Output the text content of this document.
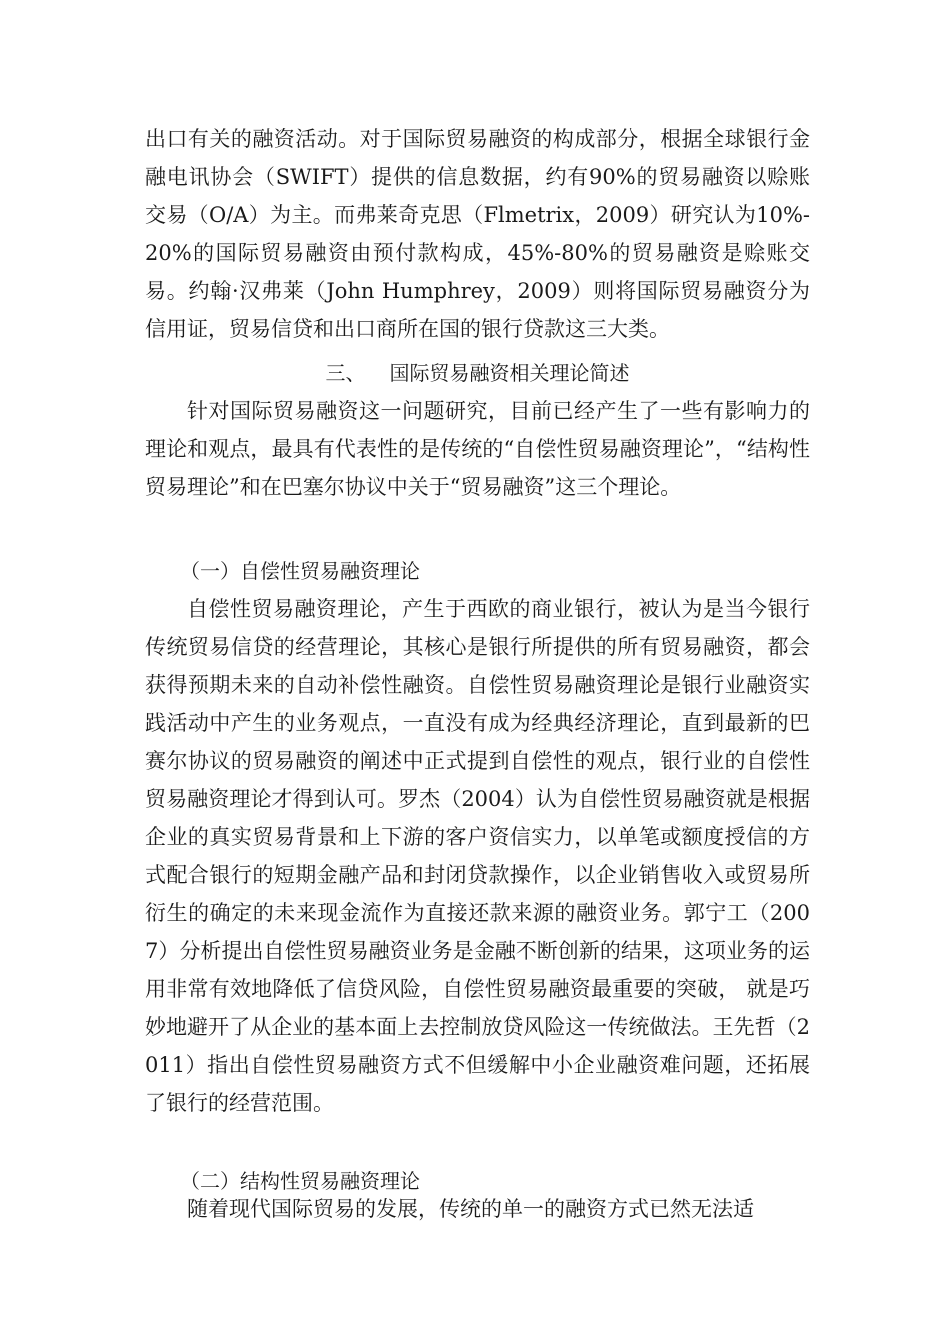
出口有关的融资活动。对于国际贸易融资的构成部分，根据全球银行金融电讯协会（SWIFT）提供的信息数据，约有90%的贸易融资以赊账交易（O/A）为主。而弗莱奇克思（Flmetrix，2009）研究认为10%-20%的国际贸易融资由预付款构成，45%-80%的贸易融资是赊账交易。约翰·汉弗莱（John Humphrey，2009）则将国际贸易融资分为信用证，贸易信贷和出口商所在国的银行贷款这三大类。
三、 国际贸易融资相关理论简述
针对国际贸易融资这一问题研究，目前已经产生了一些有影响力的理论和观点，最具有代表性的是传统的“自偿性贸易融资理论”，“结构性贸易理论”和在巴塞尔协议中关于“贸易融资”这三个理论。
（一）自偿性贸易融资理论
自偿性贸易融资理论，产生于西欧的商业银行，被认为是当今银行传统贸易信贷的经营理论，其核心是银行所提供的所有贸易融资，都会获得预期未来的自动补偿性融资。自偿性贸易融资理论是银行业融资实践活动中产生的业务观点，一直没有成为经典经济理论，直到最新的巴赛尔协议的贸易融资的阐述中正式提到自偿性的观点，银行业的自偿性贸易融资理论才得到认可。罗杰（2004）认为自偿性贸易融资就是根据企业的真实贸易背景和上下游的客户资信实力，以单笔或额度授信的方式配合银行的短期金融产品和封闭贷款操作，以企业销售收入或贸易所衍生的确定的未来现金流作为直接还款来源的融资业务。郭宁工（2007）分析提出自偿性贸易融资业务是金融不断创新的结果，这项业务的运用非常有效地降低了信贷风险，自偿性贸易融资最重要的突破， 就是巧妙地避开了从企业的基本面上去控制放贷风险这一传统做法。王先哲（2011）指出自偿性贸易融资方式不但缓解中小企业融资难问题，还拓展了银行的经营范围。
（二）结构性贸易融资理论
随着现代国际贸易的发展，传统的单一的融资方式已然无法适
